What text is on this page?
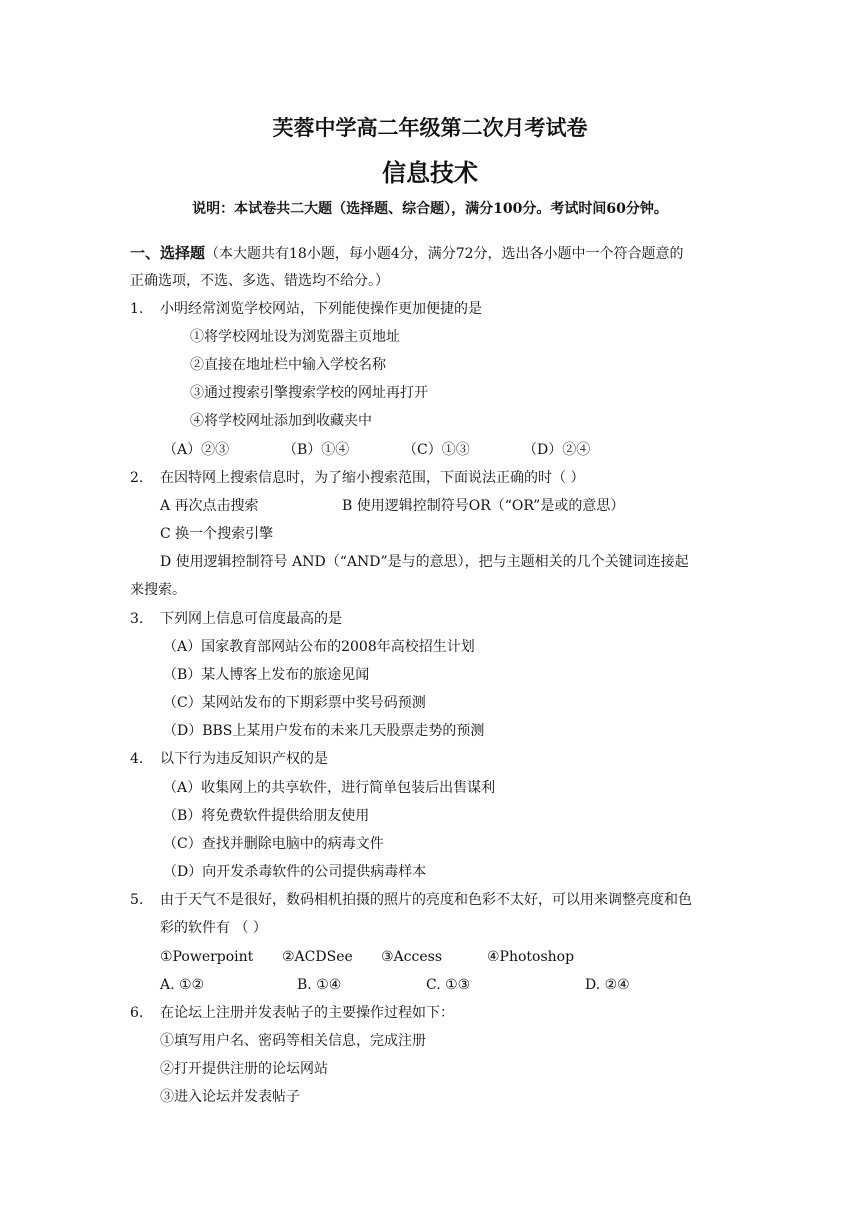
芙蓉中学高二年级第二次月考试卷
信息技术
说明：本试卷共二大题（选择题、综合题），满分100分。考试时间60分钟。
一、选择题（本大题共有18小题，每小题4分，满分72分，选出各小题中一个符合题意的
正确选项，不选、多选、错选均不给分。）
1. 小明经常浏览学校网站，下列能使操作更加便捷的是
①将学校网址设为浏览器主页地址
②直接在地址栏中输入学校名称
③通过搜索引擎搜索学校的网址再打开
④将学校网址添加到收藏夹中
（A）②③	（B）①④	（C）①③	（D）②④
2. 在因特网上搜索信息时，为了缩小搜索范围，下面说法正确的时（ ）
A 再次点击搜索	B 使用逻辑控制符号OR（“OR”是或的意思）
C 换一个搜索引擎
D 使用逻辑控制符号 AND（“AND”是与的意思），把与主题相关的几个关键词连接起
来搜索。
3. 下列网上信息可信度最高的是
（A）国家教育部网站公布的2008年高校招生计划
（B）某人博客上发布的旅途见闻
（C）某网站发布的下期彩票中奖号码预测
（D）BBS上某用户发布的未来几天股票走势的预测
4. 以下行为违反知识产权的是
（A）收集网上的共享软件，进行简单包装后出售谋利
（B）将免费软件提供给朋友使用
（C）查找并删除电脑中的病毒文件
（D）向开发杀毒软件的公司提供病毒样本
5. 由于天气不是很好，数码相机拍摄的照片的亮度和色彩不太好，可以用来调整亮度和色
彩的软件有 （ ）
①Powerpoint ②ACDSee ③Access	④Photoshop
A. ①②	B. ①④	C. ①③	D. ②④
6. 在论坛上注册并发表帖子的主要操作过程如下：
①填写用户名、密码等相关信息，完成注册
②打开提供注册的论坛网站
③进入论坛并发表帖子
